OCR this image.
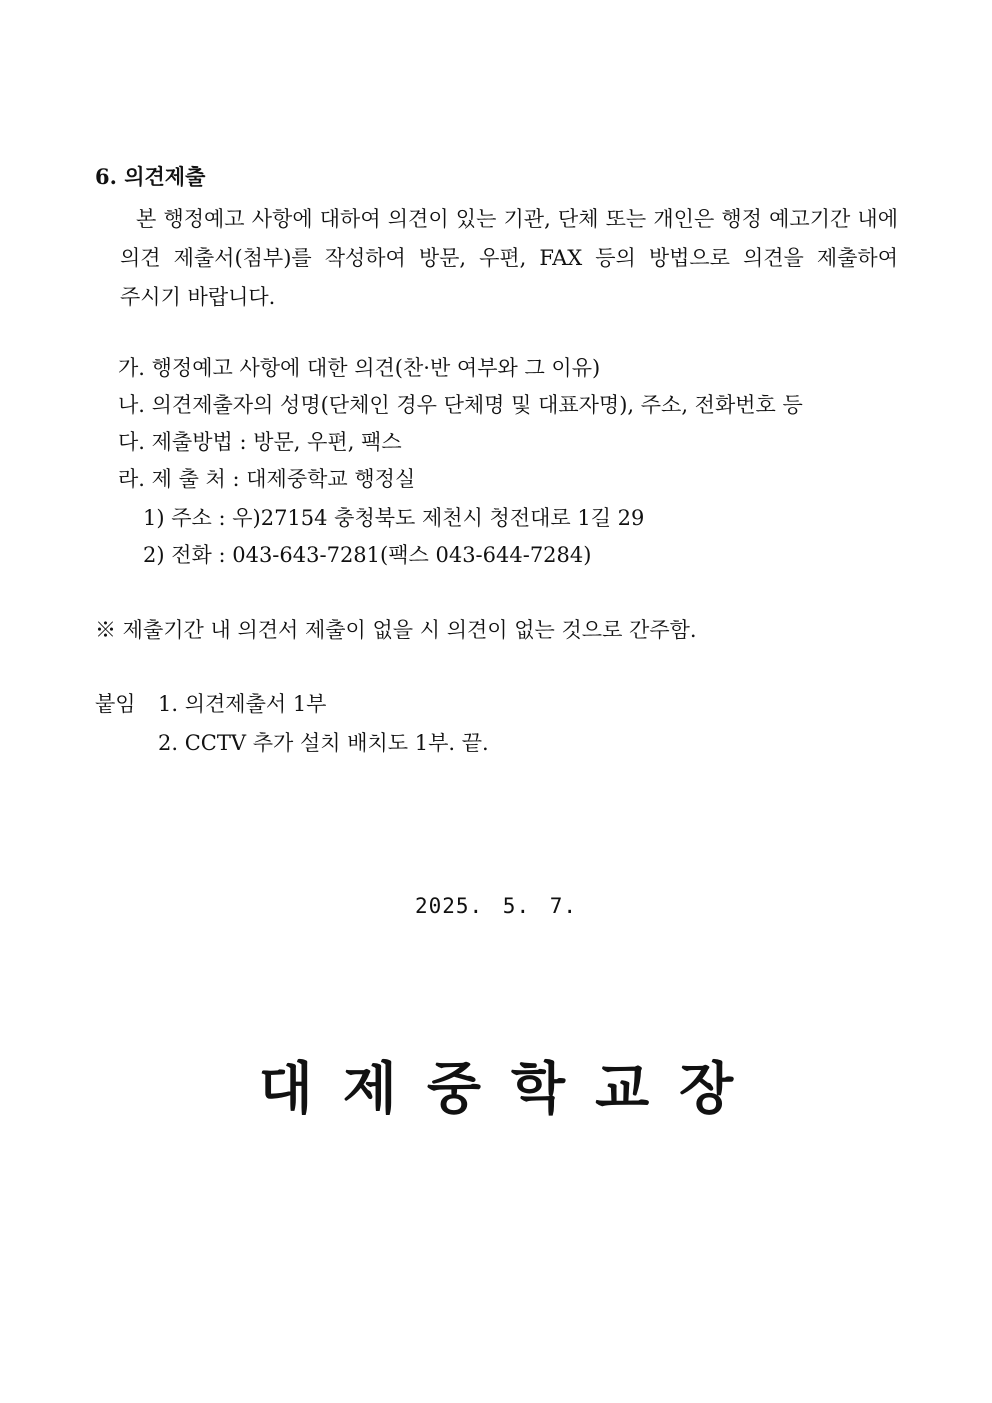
6. 의견제출
본 행정예고 사항에 대하여 의견이 있는 기관, 단체 또는 개인은 행정 예고기간 내에 의견 제출서(첨부)를 작성하여 방문, 우편, FAX 등의 방법으로 의견을 제출하여 주시기 바랍니다.
가. 행정예고 사항에 대한 의견(찬·반 여부와 그 이유)
나. 의견제출자의 성명(단체인 경우 단체명 및 대표자명), 주소, 전화번호 등
다. 제출방법 : 방문, 우편, 팩스
라. 제 출 처 : 대제중학교 행정실
1) 주소 : 우)27154 충청북도 제천시 청전대로 1길 29
2) 전화 : 043-643-7281(팩스 043-644-7284)
※ 제출기간 내 의견서 제출이 없을 시 의견이 없는 것으로 간주함.
붙임 1. 의견제출서 1부
2. CCTV 추가 설치 배치도 1부. 끝.
2025. 5. 7.
대제중학교장
